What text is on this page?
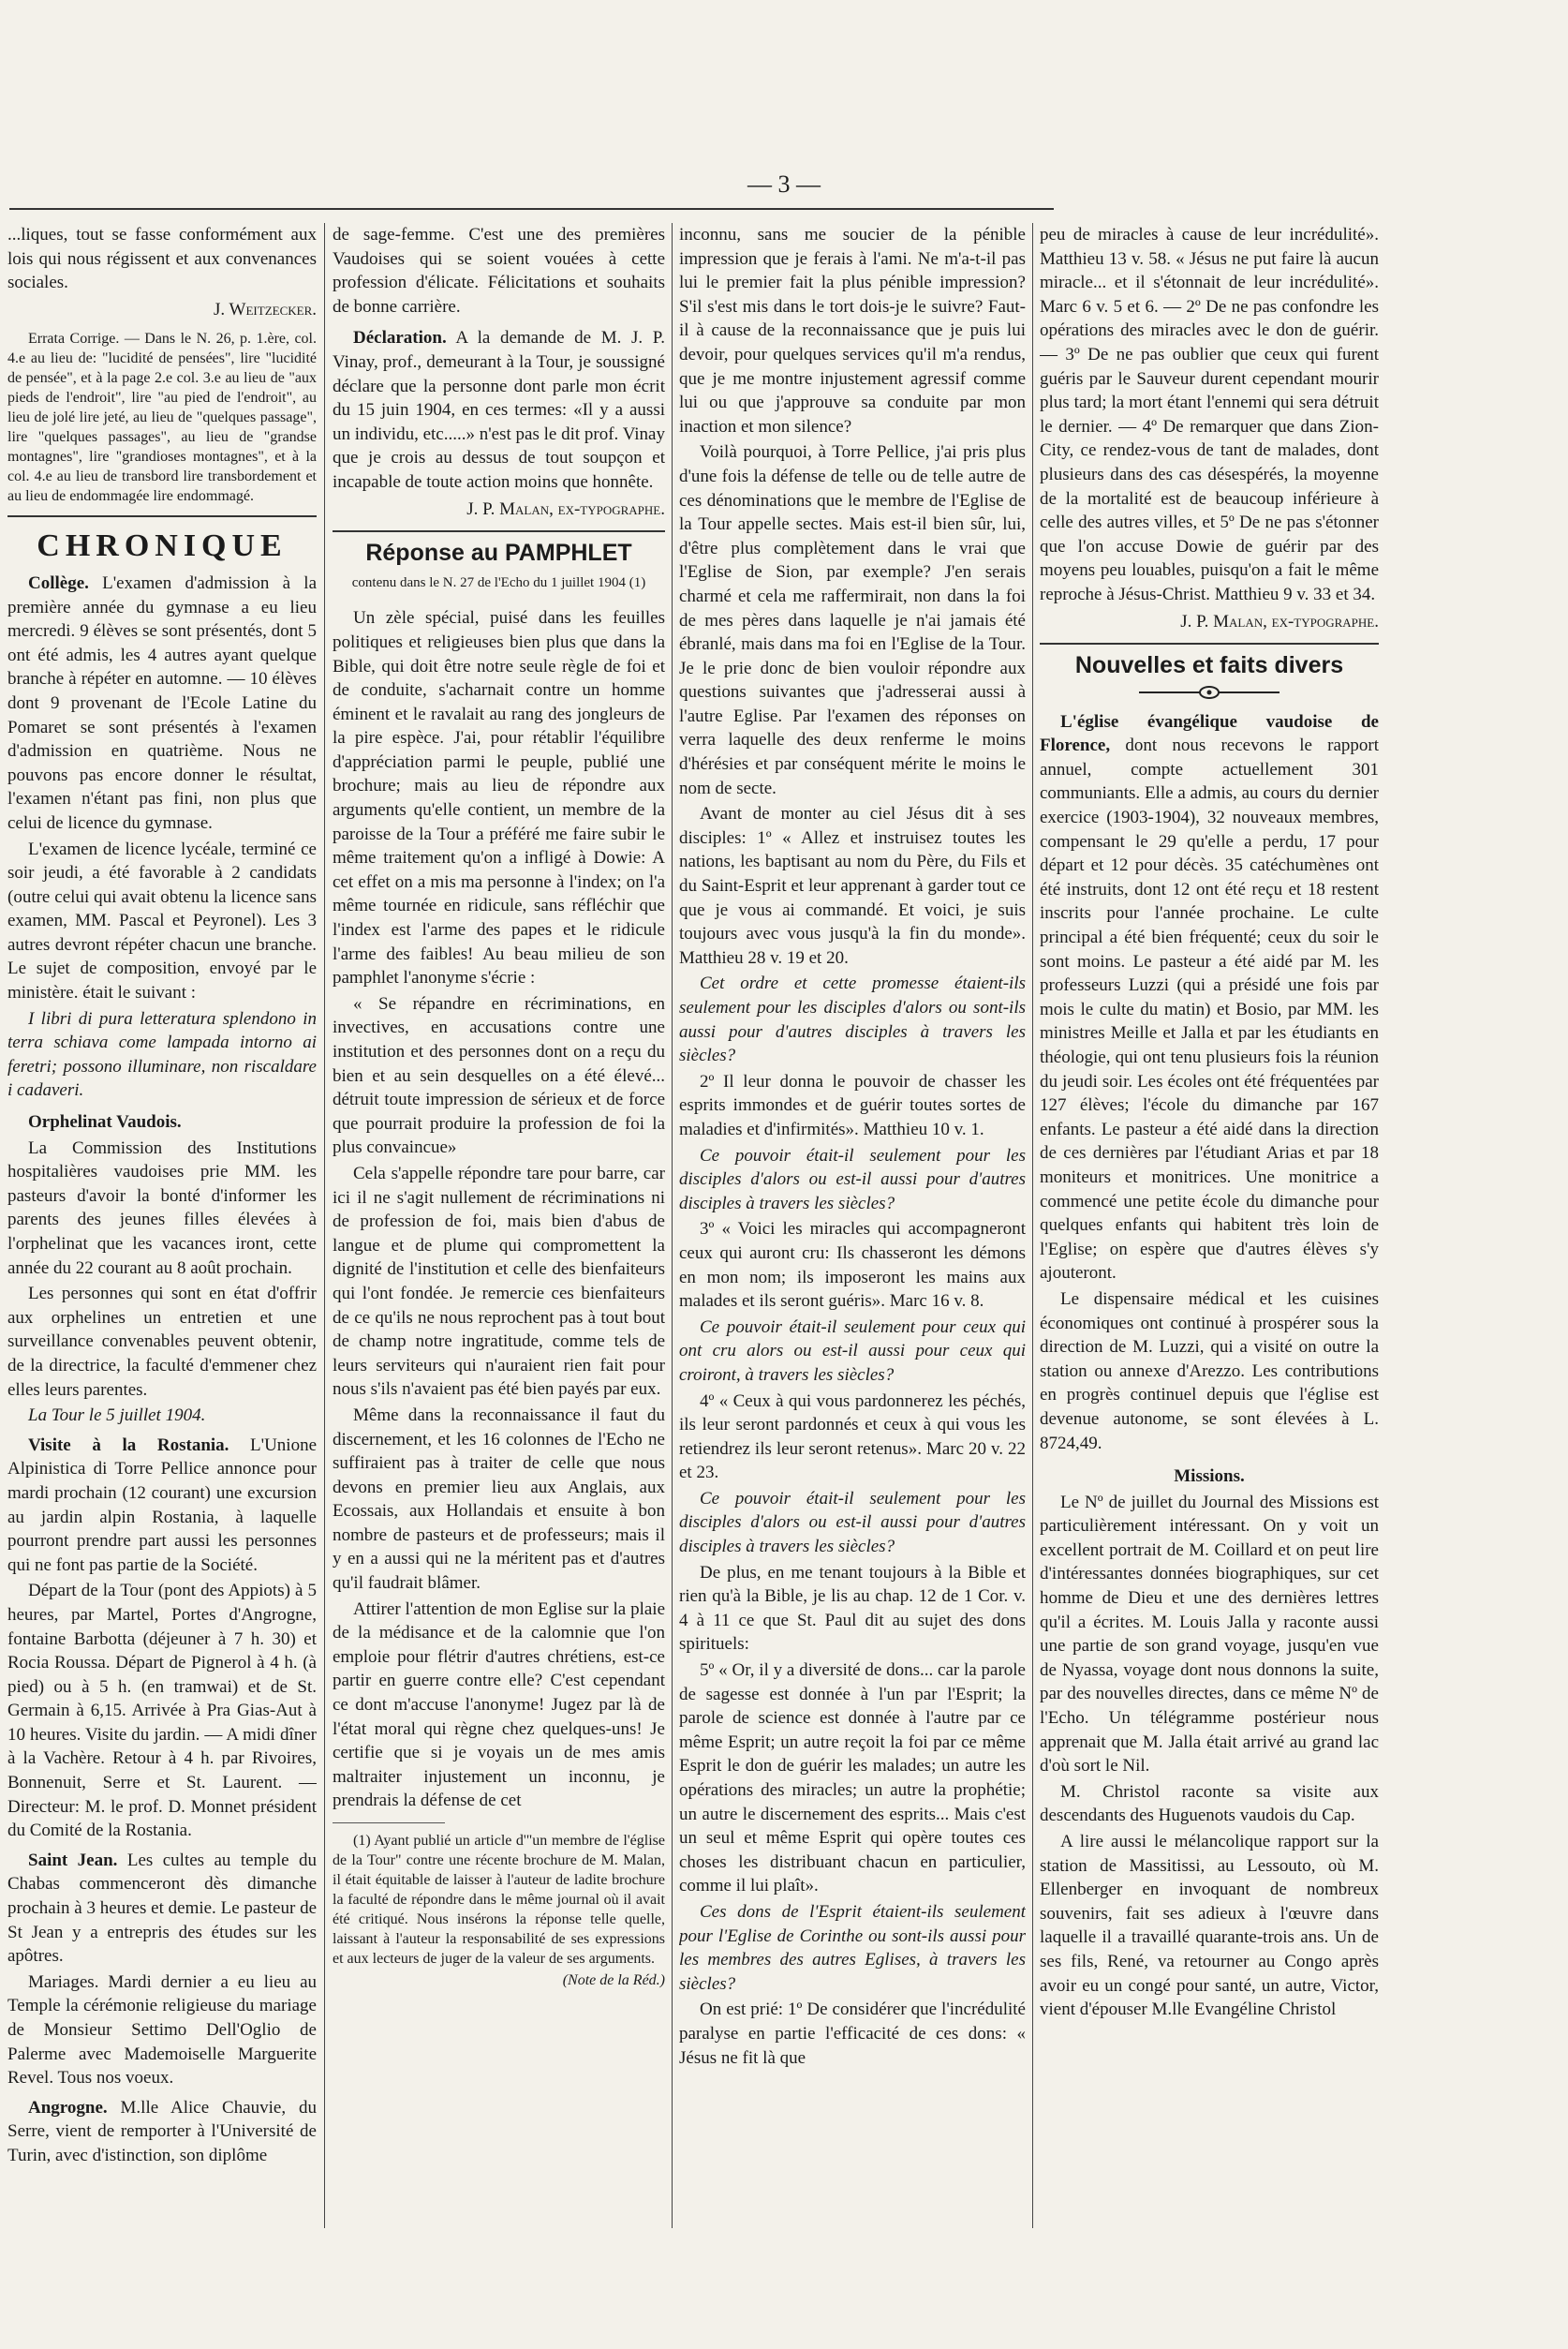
— 3 —

...liques, tout se fasse conformément aux lois qui nous régissent et aux convenances sociales.

J. Weitzecker.

Errata Corrige. — Dans le N. 26, p. 1.ère, col. 4.e au lieu de: "lucidité de pensées", lire "lucidité de pensée", et à la page 2.e col. 3.e au lieu de "aux pieds de l'endroit", lire "au pied de l'endroit", au lieu de jolé lire jeté, au lieu de "quelques passage", lire "quelques passages", au lieu de "grandse montagnes", lire "grandioses montagnes", et à la col. 4.e au lieu de transbord lire transbordement et au lieu de endommagée lire endommagé.

CHRONIQUE

Collège. L'examen d'admission à la première année du gymnase a eu lieu mercredi. 9 élèves se sont présentés, dont 5 ont été admis, les 4 autres ayant quelque branche à répéter en automne. — 10 élèves dont 9 provenant de l'Ecole Latine du Pomaret se sont présentés à l'examen d'admission en quatrième. Nous ne pouvons pas encore donner le résultat, l'examen n'étant pas fini, non plus que celui de licence du gymnase.

L'examen de licence lycéale, terminé ce soir jeudi, a été favorable à 2 candidats (outre celui qui avait obtenu la licence sans examen, MM. Pascal et Peyronel). Les 3 autres devront répéter chacun une branche. Le sujet de composition, envoyé par le ministère. était le suivant :

I libri di pura letteratura splendono in terra schiava come lampada intorno ai feretri; possono illuminare, non riscaldare i cadaveri.

Orphelinat Vaudois.

La Commission des Institutions hospitalières vaudoises prie MM. les pasteurs d'avoir la bonté d'informer les parents des jeunes filles élevées à l'orphelinat que les vacances iront, cette année du 22 courant au 8 août prochain.

Les personnes qui sont en état d'offrir aux orphelines un entretien et une surveillance convenables peuvent obtenir, de la directrice, la faculté d'emmener chez elles leurs parentes.

La Tour le 5 juillet 1904.

Visite à la Rostania. L'Unione Alpinistica di Torre Pellice annonce pour mardi prochain (12 courant) une excursion au jardin alpin Rostania, à laquelle pourront prendre part aussi les personnes qui ne font pas partie de la Société.

Départ de la Tour (pont des Appiots) à 5 heures, par Martel, Portes d'Angrogne, fontaine Barbotta (déjeuner à 7 h. 30) et Rocia Roussa. Départ de Pignerol à 4 h. (à pied) ou à 5 h. (en tramwai) et de St. Germain à 6,15. Arrivée à Pra Gias-Aut à 10 heures. Visite du jardin. — A midi dîner à la Vachère. Retour à 4 h. par Rivoires, Bonnenuit, Serre et St. Laurent. — Directeur: M. le prof. D. Monnet président du Comité de la Rostania.

Saint Jean. Les cultes au temple du Chabas commenceront dès dimanche prochain à 3 heures et demie. Le pasteur de St Jean y a entrepris des études sur les apôtres.

Mariages. Mardi dernier a eu lieu au Temple la cérémonie religieuse du mariage de Monsieur Settimo Dell'Oglio de Palerme avec Mademoiselle Marguerite Revel. Tous nos voeux.

Angrogne. M.lle Alice Chauvie, du Serre, vient de remporter à l'Université de Turin, avec d'istinction, son diplôme

de sage-femme. C'est une des premières Vaudoises qui se soient vouées à cette profession d'élicate. Félicitations et souhaits de bonne carrière.

Déclaration. A la demande de M. J. P. Vinay, prof., demeurant à la Tour, je soussigné déclare que la personne dont parle mon écrit du 15 juin 1904, en ces termes: «Il y a aussi un individu, etc.....» n'est pas le dit prof. Vinay que je crois au dessus de tout soupçon et incapable de toute action moins que honnête.

J. P. Malan, ex-typographe.

Réponse au PAMPHLET

contenu dans le N. 27 de l'Echo du 1 juillet 1904 (1)

Un zèle spécial, puisé dans les feuilles politiques et religieuses bien plus que dans la Bible, qui doit être notre seule règle de foi et de conduite, s'acharnait contre un homme éminent et le ravalait au rang des jongleurs de la pire espèce. J'ai, pour rétablir l'équilibre d'appréciation parmi le peuple, publié une brochure; mais au lieu de répondre aux arguments qu'elle contient, un membre de la paroisse de la Tour a préféré me faire subir le même traitement qu'on a infligé à Dowie: A cet effet on a mis ma personne à l'index; on l'a même tournée en ridicule, sans réfléchir que l'index est l'arme des papes et le ridicule l'arme des faibles! Au beau milieu de son pamphlet l'anonyme s'écrie :

« Se répandre en récriminations, en invectives, en accusations contre une institution et des personnes dont on a reçu du bien et au sein desquelles on a été élevé... détruit toute impression de sérieux et de force que pourrait produire la profession de foi la plus convaincue»

Cela s'appelle répondre tare pour barre, car ici il ne s'agit nullement de récriminations ni de profession de foi, mais bien d'abus de langue et de plume qui compromettent la dignité de l'institution et celle des bienfaiteurs qui l'ont fondée. Je remercie ces bienfaiteurs de ce qu'ils ne nous reprochent pas à tout bout de champ notre ingratitude, comme tels de leurs serviteurs qui n'auraient rien fait pour nous s'ils n'avaient pas été bien payés par eux.

Même dans la reconnaissance il faut du discernement, et les 16 colonnes de l'Echo ne suffiraient pas à traiter de celle que nous devons en premier lieu aux Anglais, aux Ecossais, aux Hollandais et ensuite à bon nombre de pasteurs et de professeurs; mais il y en a aussi qui ne la méritent pas et d'autres qu'il faudrait blâmer.

Attirer l'attention de mon Eglise sur la plaie de la médisance et de la calomnie que l'on emploie pour flétrir d'autres chrétiens, est-ce partir en guerre contre elle? C'est cependant ce dont m'accuse l'anonyme! Jugez par là de l'état moral qui règne chez quelques-uns! Je certifie que si je voyais un de mes amis maltraiter injustement un inconnu, je prendrais la défense de cet

(1) Ayant publié un article d'"un membre de l'église de la Tour" contre une récente brochure de M. Malan, il était équitable de laisser à l'auteur de ladite brochure la faculté de répondre dans le même journal où il avait été critiqué. Nous insérons la réponse telle quelle, laissant à l'auteur la responsabilité de ses expressions et aux lecteurs de juger de la valeur de ses arguments.

(Note de la Réd.)

inconnu, sans me soucier de la pénible impression que je ferais à l'ami. Ne m'a-t-il pas lui le premier fait la plus pénible impression? S'il s'est mis dans le tort dois-je le suivre? Faut-il à cause de la reconnaissance que je puis lui devoir, pour quelques services qu'il m'a rendus, que je me montre injustement agressif comme lui ou que j'approuve sa conduite par mon inaction et mon silence?

Voilà pourquoi, à Torre Pellice, j'ai pris plus d'une fois la défense de telle ou de telle autre de ces dénominations que le membre de l'Eglise de la Tour appelle sectes. Mais est-il bien sûr, lui, d'être plus complètement dans le vrai que l'Eglise de Sion, par exemple? J'en serais charmé et cela me raffermirait, non dans la foi de mes pères dans laquelle je n'ai jamais été ébranlé, mais dans ma foi en l'Eglise de la Tour. Je le prie donc de bien vouloir répondre aux questions suivantes que j'adresserai aussi à l'autre Eglise. Par l'examen des réponses on verra laquelle des deux renferme le moins d'hérésies et par conséquent mérite le moins le nom de secte.

Avant de monter au ciel Jésus dit à ses disciples: 1º « Allez et instruisez toutes les nations, les baptisant au nom du Père, du Fils et du Saint-Esprit et leur apprenant à garder tout ce que je vous ai commandé. Et voici, je suis toujours avec vous jusqu'à la fin du monde». Matthieu 28 v. 19 et 20.

Cet ordre et cette promesse étaient-ils seulement pour les disciples d'alors ou sont-ils aussi pour d'autres disciples à travers les siècles?

2º Il leur donna le pouvoir de chasser les esprits immondes et de guérir toutes sortes de maladies et d'infirmités». Matthieu 10 v. 1.

Ce pouvoir était-il seulement pour les disciples d'alors ou est-il aussi pour d'autres disciples à travers les siècles?

3º « Voici les miracles qui accompagneront ceux qui auront cru: Ils chasseront les démons en mon nom; ils imposeront les mains aux malades et ils seront guéris». Marc 16 v. 8.

Ce pouvoir était-il seulement pour ceux qui ont cru alors ou est-il aussi pour ceux qui croiront, à travers les siècles?

4º « Ceux à qui vous pardonnerez les péchés, ils leur seront pardonnés et ceux à qui vous les retiendrez ils leur seront retenus». Marc 20 v. 22 et 23.

Ce pouvoir était-il seulement pour les disciples d'alors ou est-il aussi pour d'autres disciples à travers les siècles?

De plus, en me tenant toujours à la Bible et rien qu'à la Bible, je lis au chap. 12 de 1 Cor. v. 4 à 11 ce que St. Paul dit au sujet des dons spirituels:

5º « Or, il y a diversité de dons... car la parole de sagesse est donnée à l'un par l'Esprit; la parole de science est donnée à l'autre par ce même Esprit; un autre reçoit la foi par ce même Esprit le don de guérir les malades; un autre les opérations des miracles; un autre la prophétie; un autre le discernement des esprits... Mais c'est un seul et même Esprit qui opère toutes ces choses les distribuant chacun en particulier, comme il lui plaît».

Ces dons de l'Esprit étaient-ils seulement pour l'Eglise de Corinthe ou sont-ils aussi pour les membres des autres Eglises, à travers les siècles?

On est prié: 1º De considérer que l'incrédulité paralyse en partie l'efficacité de ces dons: « Jésus ne fit là que

peu de miracles à cause de leur incrédulité». Matthieu 13 v. 58. « Jésus ne put faire là aucun miracle... et il s'étonnait de leur incrédulité». Marc 6 v. 5 et 6. — 2º De ne pas confondre les opérations des miracles avec le don de guérir. — 3º De ne pas oublier que ceux qui furent guéris par le Sauveur durent cependant mourir plus tard; la mort étant l'ennemi qui sera détruit le dernier. — 4º De remarquer que dans Zion-City, ce rendez-vous de tant de malades, dont plusieurs dans des cas désespérés, la moyenne de la mortalité est de beaucoup inférieure à celle des autres villes, et 5º De ne pas s'étonner que l'on accuse Dowie de guérir par des moyens peu louables, puisqu'on a fait le même reproche à Jésus-Christ. Matthieu 9 v. 33 et 34.

J. P. Malan, ex-typographe.

Nouvelles et faits divers

L'église évangélique vaudoise de Florence, dont nous recevons le rapport annuel, compte actuellement 301 communiants. Elle a admis, au cours du dernier exercice (1903-1904), 32 nouveaux membres, compensant le 29 qu'elle a perdu, 17 pour départ et 12 pour décès. 35 catéchumènes ont été instruits, dont 12 ont été reçu et 18 restent inscrits pour l'année prochaine. Le culte principal a été bien fréquenté; ceux du soir le sont moins. Le pasteur a été aidé par M. les professeurs Luzzi (qui a présidé une fois par mois le culte du matin) et Bosio, par MM. les ministres Meille et Jalla et par les étudiants en théologie, qui ont tenu plusieurs fois la réunion du jeudi soir. Les écoles ont été fréquentées par 127 élèves; l'école du dimanche par 167 enfants. Le pasteur a été aidé dans la direction de ces dernières par l'étudiant Arias et par 18 moniteurs et monitrices. Une monitrice a commencé une petite école du dimanche pour quelques enfants qui habitent très loin de l'Eglise; on espère que d'autres élèves s'y ajouteront.

Le dispensaire médical et les cuisines économiques ont continué à prospérer sous la direction de M. Luzzi, qui a visité on outre la station ou annexe d'Arezzo. Les contributions en progrès continuel depuis que l'église est devenue autonome, se sont élevées à L. 8724,49.

Missions.

Le Nº de juillet du Journal des Missions est particulièrement intéressant. On y voit un excellent portrait de M. Coillard et on peut lire d'intéressantes données biographiques, sur cet homme de Dieu et une des dernières lettres qu'il a écrites. M. Louis Jalla y raconte aussi une partie de son grand voyage, jusqu'en vue de Nyassa, voyage dont nous donnons la suite, par des nouvelles directes, dans ce même Nº de l'Echo. Un télégramme postérieur nous apprenait que M. Jalla était arrivé au grand lac d'où sort le Nil.

M. Christol raconte sa visite aux descendants des Huguenots vaudois du Cap.

A lire aussi le mélancolique rapport sur la station de Massitissi, au Lessouto, où M. Ellenberger en invoquant de nombreux souvenirs, fait ses adieux à l'œuvre dans laquelle il a travaillé quarante-trois ans. Un de ses fils, René, va retourner au Congo après avoir eu un congé pour santé, un autre, Victor, vient d'épouser M.lle Evangéline Christol
